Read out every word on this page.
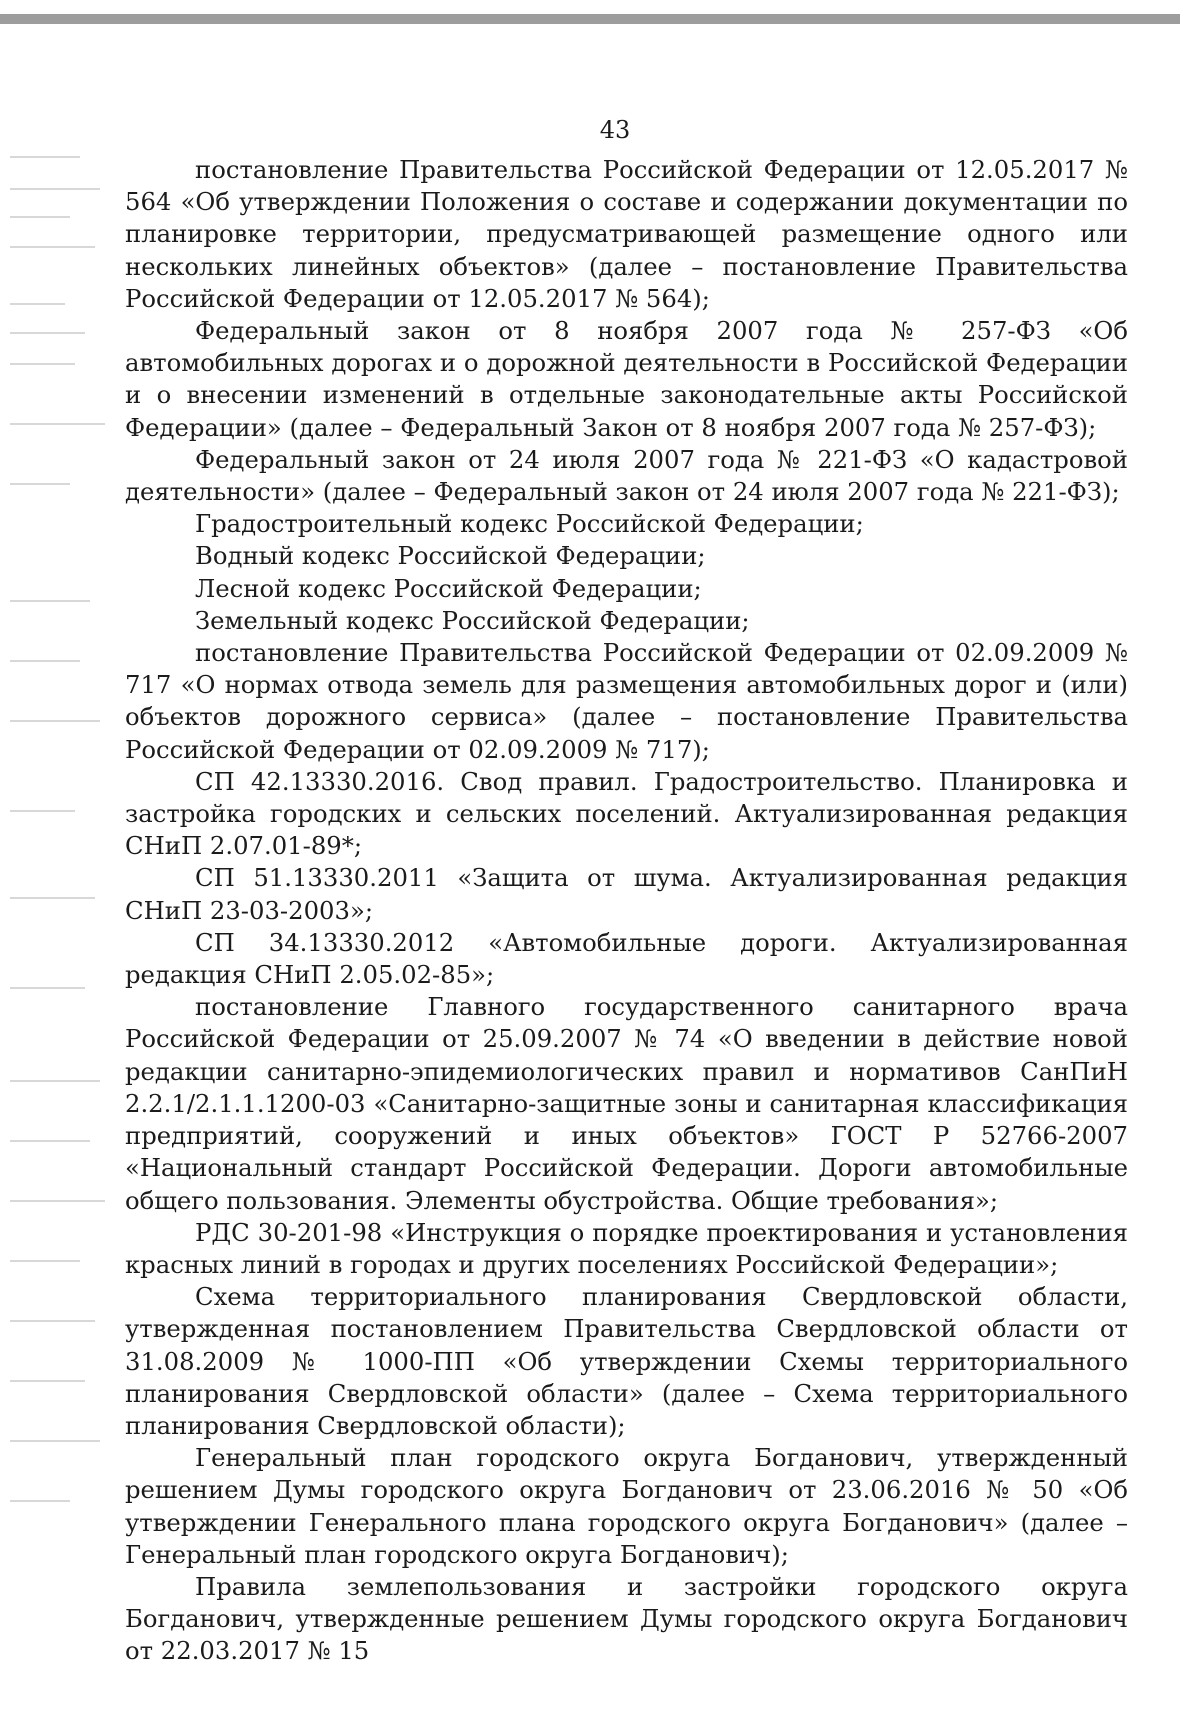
43

постановление Правительства Российской Федерации от 12.05.2017 № 564 «Об утверждении Положения о составе и содержании документации по планировке территории, предусматривающей размещение одного или нескольких линейных объектов» (далее – постановление Правительства Российской Федерации от 12.05.2017 № 564);

Федеральный закон от 8 ноября 2007 года № 257-ФЗ «Об автомобильных дорогах и о дорожной деятельности в Российской Федерации и о внесении изменений в отдельные законодательные акты Российской Федерации» (далее – Федеральный Закон от 8 ноября 2007 года № 257-ФЗ);

Федеральный закон от 24 июля 2007 года № 221-ФЗ «О кадастровой деятельности» (далее – Федеральный закон от 24 июля 2007 года № 221-ФЗ);

Градостроительный кодекс Российской Федерации;

Водный кодекс Российской Федерации;

Лесной кодекс Российской Федерации;

Земельный кодекс Российской Федерации;

постановление Правительства Российской Федерации от 02.09.2009 № 717 «О нормах отвода земель для размещения автомобильных дорог и (или) объектов дорожного сервиса» (далее – постановление Правительства Российской Федерации от 02.09.2009 № 717);

СП 42.13330.2016. Свод правил. Градостроительство. Планировка и застройка городских и сельских поселений. Актуализированная редакция СНиП 2.07.01-89*;

СП 51.13330.2011 «Защита от шума. Актуализированная редакция СНиП 23-03-2003»;

СП 34.13330.2012 «Автомобильные дороги. Актуализированная редакция СНиП 2.05.02-85»;

постановление Главного государственного санитарного врача Российской Федерации от 25.09.2007 № 74 «О введении в действие новой редакции санитарно-эпидемиологических правил и нормативов СанПиН 2.2.1/2.1.1.1200-03 «Санитарно-защитные зоны и санитарная классификация предприятий, сооружений и иных объектов» ГОСТ Р 52766-2007 «Национальный стандарт Российской Федерации. Дороги автомобильные общего пользования. Элементы обустройства. Общие требования»;

РДС 30-201-98 «Инструкция о порядке проектирования и установления красных линий в городах и других поселениях Российской Федерации»;

Схема территориального планирования Свердловской области, утвержденная постановлением Правительства Свердловской области от 31.08.2009 № 1000-ПП «Об утверждении Схемы территориального планирования Свердловской области» (далее – Схема территориального планирования Свердловской области);

Генеральный план городского округа Богданович, утвержденный решением Думы городского округа Богданович от 23.06.2016 № 50 «Об утверждении Генерального плана городского округа Богданович» (далее – Генеральный план городского округа Богданович);

Правила землепользования и застройки городского округа Богданович, утвержденные решением Думы городского округа Богданович от 22.03.2017 № 15
